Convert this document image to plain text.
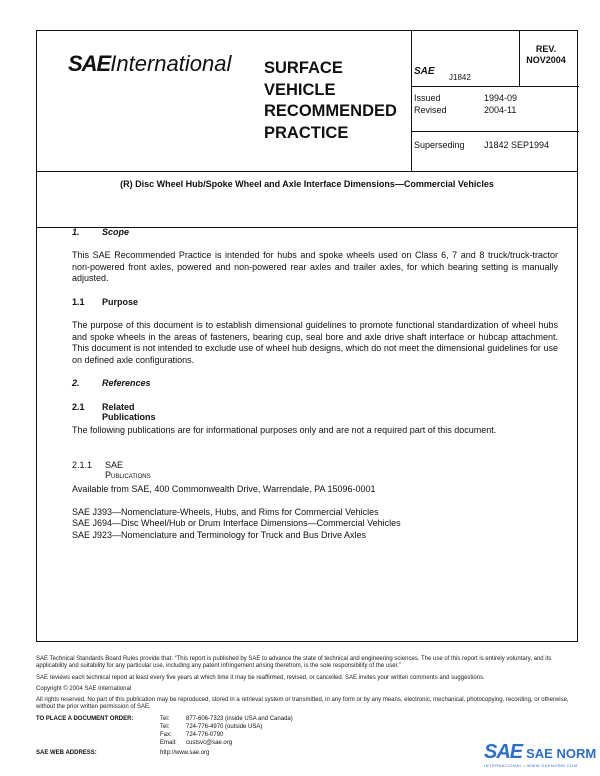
SAEInternational SURFACE
VEHICLE
RECOMMENDED
PRACTICE
SAE
J1842
REV.
NOV2004
Issued	1994-09
Revised	2004-11
Superseding J1842 SEP1994
(R) Disc Wheel Hub/Spoke Wheel and Axle Interface Dimensions—Commercial Vehicles
1. Scope
This SAE Recommended Practice is intended for hubs and spoke wheels used on Class 6, 7 and 8 truck/truck-tractor non-powered front axles, powered and non-powered rear axles and trailer axles, for which bearing setting is manually adjusted.
1.1 Purpose
The purpose of this document is to establish dimensional guidelines to promote functional standardization of wheel hubs and spoke wheels in the areas of fasteners, bearing cup, seal bore and axle drive shaft interface or hubcap attachment. This document is not intended to exclude use of wheel hub designs, which do not meet the dimensional guidelines for use on defined axle configurations.
2. References
2.1 Related Publications
The following publications are for informational purposes only and are not a required part of this document.
2.1.1 SAE Publications
Available from SAE, 400 Commonwealth Drive, Warrendale, PA 15096-0001
SAE J393—Nomenclature-Wheels, Hubs, and Rims for Commercial Vehicles
SAE J694—Disc Wheel/Hub or Drum Interface Dimensions—Commercial Vehicles
SAE J923—Nomenclature and Terminology for Truck and Bus Drive Axles
SAE Technical Standards Board Rules provide that: “This report is published by SAE to advance the state of technical and engineering sciences. The use of this report is entirely voluntary, and its applicability and suitability for any particular use, including any patent infringement arising therefrom, is the sole responsibility of the user.”
SAE reviews each technical report at least every five years at which time it may be reaffirmed, revised, or cancelled. SAE invites your written comments and suggestions.
Copyright © 2004 SAE International
All rights reserved. No part of this publication may be reproduced, stored in a retrieval system or transmitted, in any form or by any means, electronic, mechanical, photocopying, recording, or otherwise, without the prior written permission of SAE.
TO PLACE A DOCUMENT ORDER:	Tel:	877-606-7323 (inside USA and Canada)
Tel:	724-776-4970 (outside USA)
Fax: 724-776-0790
Email: custsvc@sae.org
SAE WEB ADDRESS:	http://www.sae.org	SAE SAE NORM
INTERNATIONAL • WWW.SAENORM.COM
